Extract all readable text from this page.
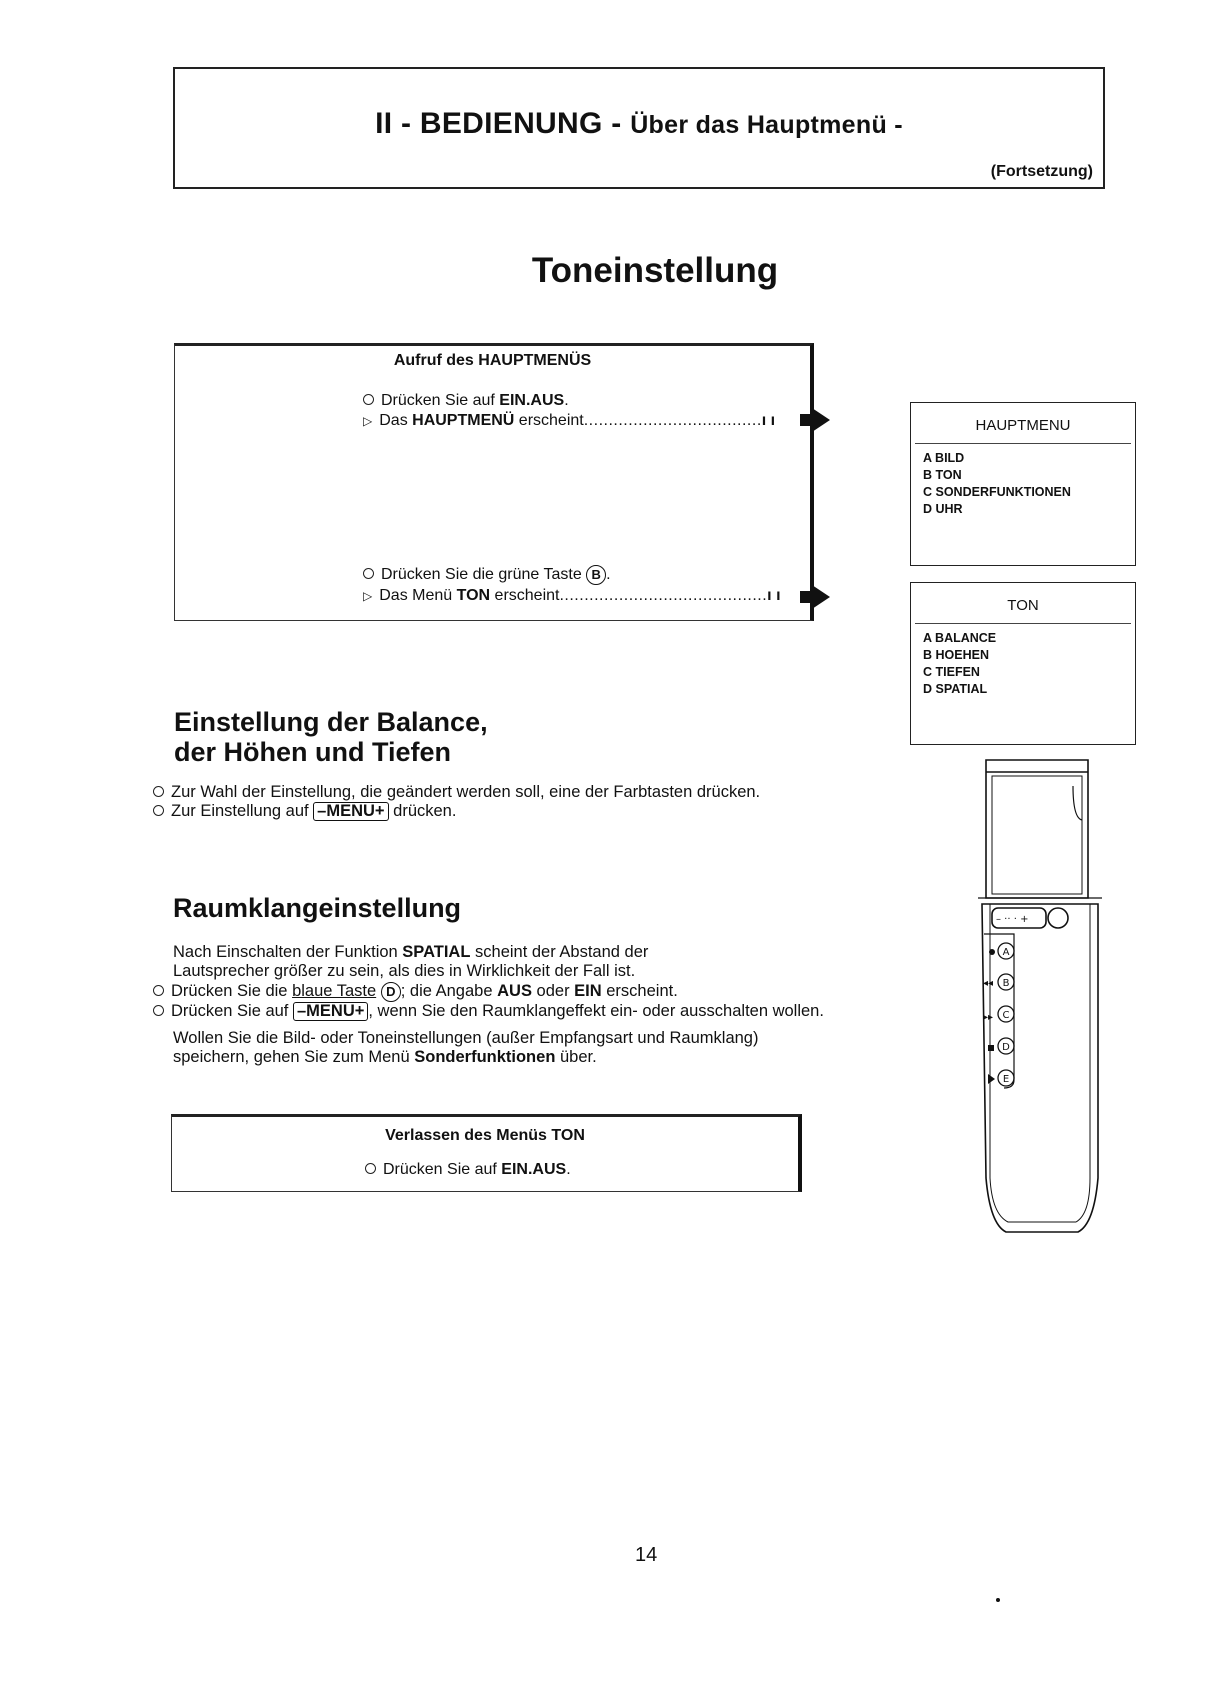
II - BEDIENUNG - Über das Hauptmenü -
(Fortsetzung)
Toneinstellung
Aufruf des HAUPTMENÜS
Drücken Sie auf EIN.AUS.
▷ Das HAUPTMENÜ erscheint....................................ı ı
Drücken Sie die grüne Taste B .
▷ Das Menü TON erscheint..........................................ı ı
HAUPTMENU
A BILD
B TON
C SONDERFUNKTIONEN
D UHR
TON
A BALANCE
B HOEHEN
C TIEFEN
D SPATIAL
Einstellung der Balance,
der Höhen und Tiefen
Zur Wahl der Einstellung, die geändert werden soll, eine der Farbtasten drücken.
Zur Einstellung auf –MENU+ drücken.
Raumklangeinstellung
Nach Einschalten der Funktion SPATIAL scheint der Abstand der
Lautsprecher größer zu sein, als dies in Wirklichkeit der Fall ist.
Drücken Sie die blaue Taste D ; die Angabe AUS oder EIN erscheint.
Drücken Sie auf –MENU+ , wenn Sie den Raumklangeffekt ein- oder ausschalten wollen.
Wollen Sie die Bild- oder Toneinstellungen (außer Empfangsart und Raumklang)
speichern, gehen Sie zum Menü Sonderfunktionen über.
Verlassen des Menüs TON
Drücken Sie auf EIN.AUS.
– ·· · +
◂◂
▸▸
A
B
C
D
E
14
